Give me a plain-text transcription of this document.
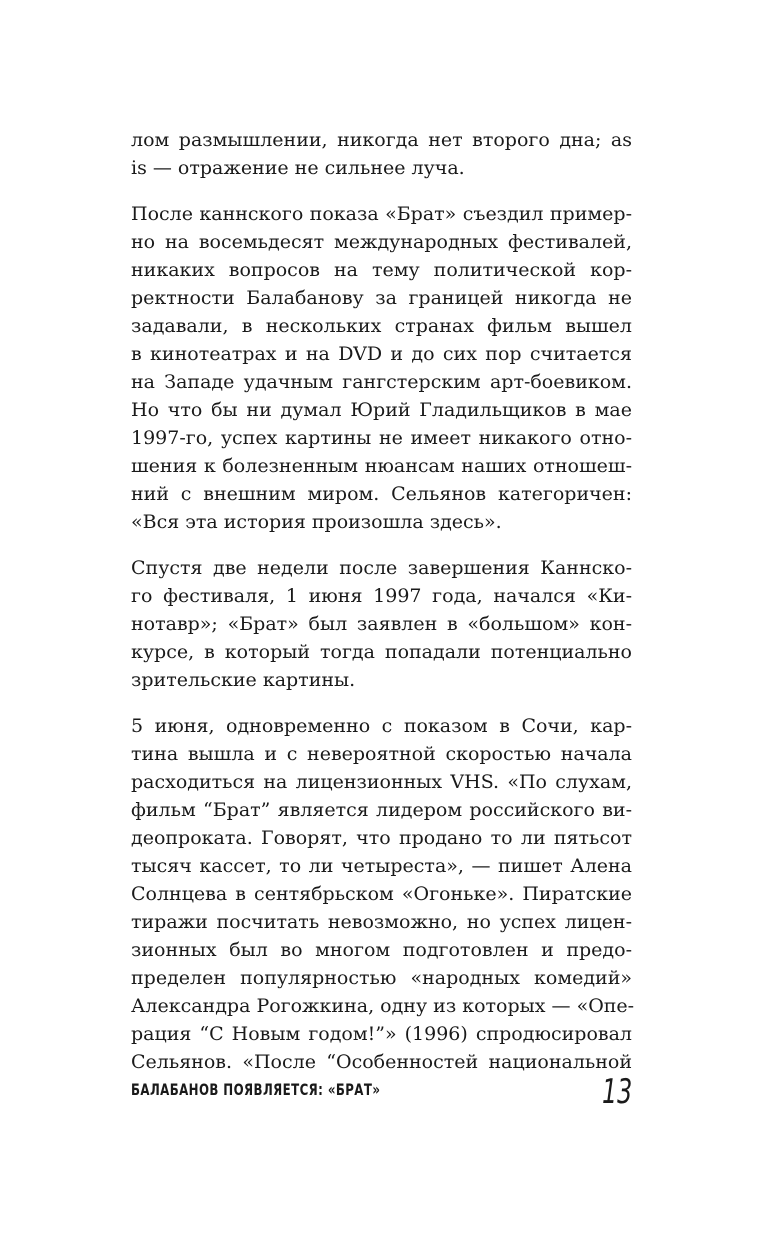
лом размышлении, никогда нет второго дна; as
is — отражение не сильнее луча.

После каннского показа «Брат» съездил пример-
но на восемьдесят международных фестивалей,
никаких вопросов на тему политической кор-
ректности Балабанову за границей никогда не
задавали, в нескольких странах фильм вышел
в кинотеатрах и на DVD и до сих пор считается
на Западе удачным гангстерским арт-боевиком.
Но что бы ни думал Юрий Гладильщиков в мае
1997-го, успех картины не имеет никакого отно-
шения к болезненным нюансам наших отношеш-
ний с внешним миром. Сельянов категоричен:
«Вся эта история произошла здесь».

Спустя две недели после завершения Каннско-
го фестиваля, 1 июня 1997 года, начался «Ки-
нотавр»; «Брат» был заявлен в «большом» кон-
курсе, в который тогда попадали потенциально
зрительские картины.

5 июня, одновременно с показом в Сочи, кар-
тина вышла и с невероятной скоростью начала
расходиться на лицензионных VHS. «По слухам,
фильм “Брат” является лидером российского ви-
деопроката. Говорят, что продано то ли пятьсот
тысяч кассет, то ли четыреста», — пишет Алена
Солнцева в сентябрьском «Огоньке». Пиратские
тиражи посчитать невозможно, но успех лицен-
зионных был во многом подготовлен и предо-
пределен популярностью «народных комедий»
Александра Рогожкина, одну из которых — «Опе-
рация “С Новым годом!”» (1996) спродюсировал
Сельянов. «После “Особенностей национальной

БАЛАБАНОВ ПОЯВЛЯЕТСЯ: «БРАТ»	13
